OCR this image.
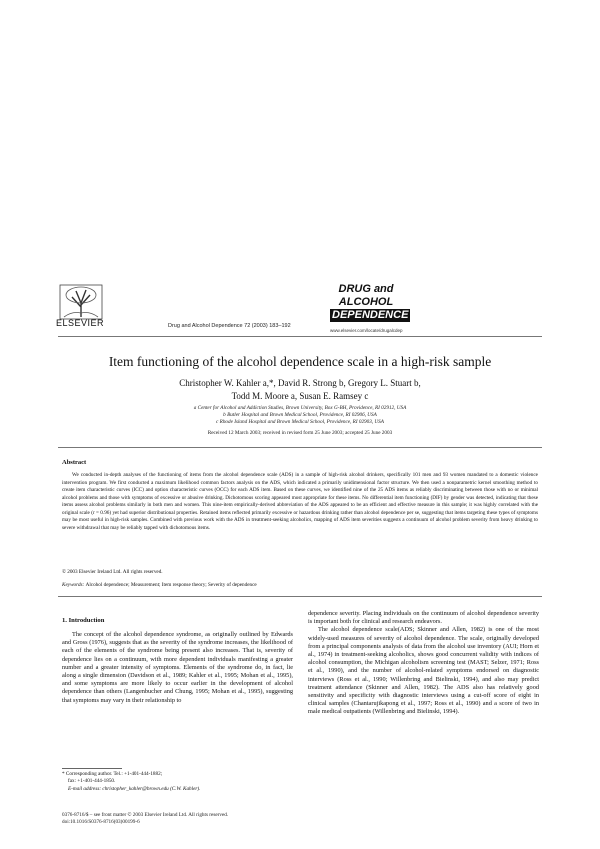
ELSEVIER	Drug and Alcohol Dependence 72 (2003) 183–192
DRUG and
ALCOHOL
DEPENDENCE
www.elsevier.com/locate/drugalcdep
Item functioning of the alcohol dependence scale in a high-risk sample
Christopher W. Kahler a,*, David R. Strong b, Gregory L. Stuart b,
Todd M. Moore a, Susan E. Ramsey c
a Center for Alcohol and Addiction Studies, Brown University, Box G-BH, Providence, RI 02912, USA
b Butler Hospital and Brown Medical School, Providence, RI 02906, USA
c Rhode Island Hospital and Brown Medical School, Providence, RI 02903, USA
Received 12 March 2003; received in revised form 25 June 2003; accepted 25 June 2003
Abstract
We conducted in-depth analyses of the functioning of items from the alcohol dependence scale (ADS) in a sample of high-risk alcohol drinkers, specifically 101 men and 93 women mandated to a domestic violence intervention program. We first conducted a maximum likelihood common factors analysis on the ADS, which indicated a primarily unidimensional factor structure. We then used a nonparametric kernel smoothing method to create item characteristic curves (ICC) and option characteristic curves (OCC) for each ADS item. Based on these curves, we identified nine of the 25 ADS items as reliably discriminating between those with no or minimal alcohol problems and those with symptoms of excessive or abusive drinking. Dichotomous scoring appeared most appropriate for these items. No differential item functioning (DIF) by gender was detected, indicating that these items assess alcohol problems similarly in both men and women. This nine-item empirically-derived abbreviation of the ADS appeared to be an efficient and effective measure in this sample; it was highly correlated with the original scale (r = 0.96) yet had superior distributional properties. Retained items reflected primarily excessive or hazardous drinking rather than alcohol dependence per se, suggesting that items targeting these types of symptoms may be most useful in high-risk samples. Combined with previous work with the ADS in treatment-seeking alcoholics, mapping of ADS item severities suggests a continuum of alcohol problem severity from heavy drinking to severe withdrawal that may be reliably tapped with dichotomous items.
© 2003 Elsevier Ireland Ltd. All rights reserved.
Keywords: Alcohol dependence; Measurement; Item response theory; Severity of dependence
1. Introduction

The concept of the alcohol dependence syndrome, as originally outlined by Edwards and Gross (1976), suggests that as the severity of the syndrome increases, the likelihood of each of the elements of the syndrome being present also increases. That is, severity of dependence lies on a continuum, with more dependent individuals manifesting a greater number and a greater intensity of symptoms. Elements of the syndrome do, in fact, lie along a single dimension (Davidson et al., 1989; Kahler et al., 1995; Mohan et al., 1995), and some symptoms are more likely to occur earlier in the development of alcohol dependence than others (Langenbucher and Chung, 1995; Mohan et al., 1995), suggesting that symptoms may vary in their relationship to

dependence severity. Placing individuals on the continuum of alcohol dependence severity is important both for clinical and research endeavors.

The alcohol dependence scale(ADS; Skinner and Allen, 1982) is one of the most widely-used measures of severity of alcohol dependence. The scale, originally developed from a principal components analysis of data from the alcohol use inventory (AUI; Horn et al., 1974) in treatment-seeking alcoholics, shows good concurrent validity with indices of alcohol consumption, the Michigan alcoholism screening test (MAST; Selzer, 1971; Ross et al., 1990), and the number of alcohol-related symptoms endorsed on diagnostic interviews (Ross et al., 1990; Willenbring and Bielinski, 1994), and also may predict treatment attendance (Skinner and Allen, 1982). The ADS also has relatively good sensitivity and specificity with diagnostic interviews using a cut-off score of eight in clinical samples (Chantarujikapong et al., 1997; Ross et al., 1990) and a score of two in male medical outpatients (Willenbring and Bielinski, 1994).

* Corresponding author. Tel.: +1-401-444-1882;
fax: +1-401-444-1850.
E-mail address: christopher_kahler@brown.edu (C.W. Kahler).
0376-8716/$ – see front matter © 2003 Elsevier Ireland Ltd. All rights reserved.
doi:10.1016/S0376-8716(03)00199-6
